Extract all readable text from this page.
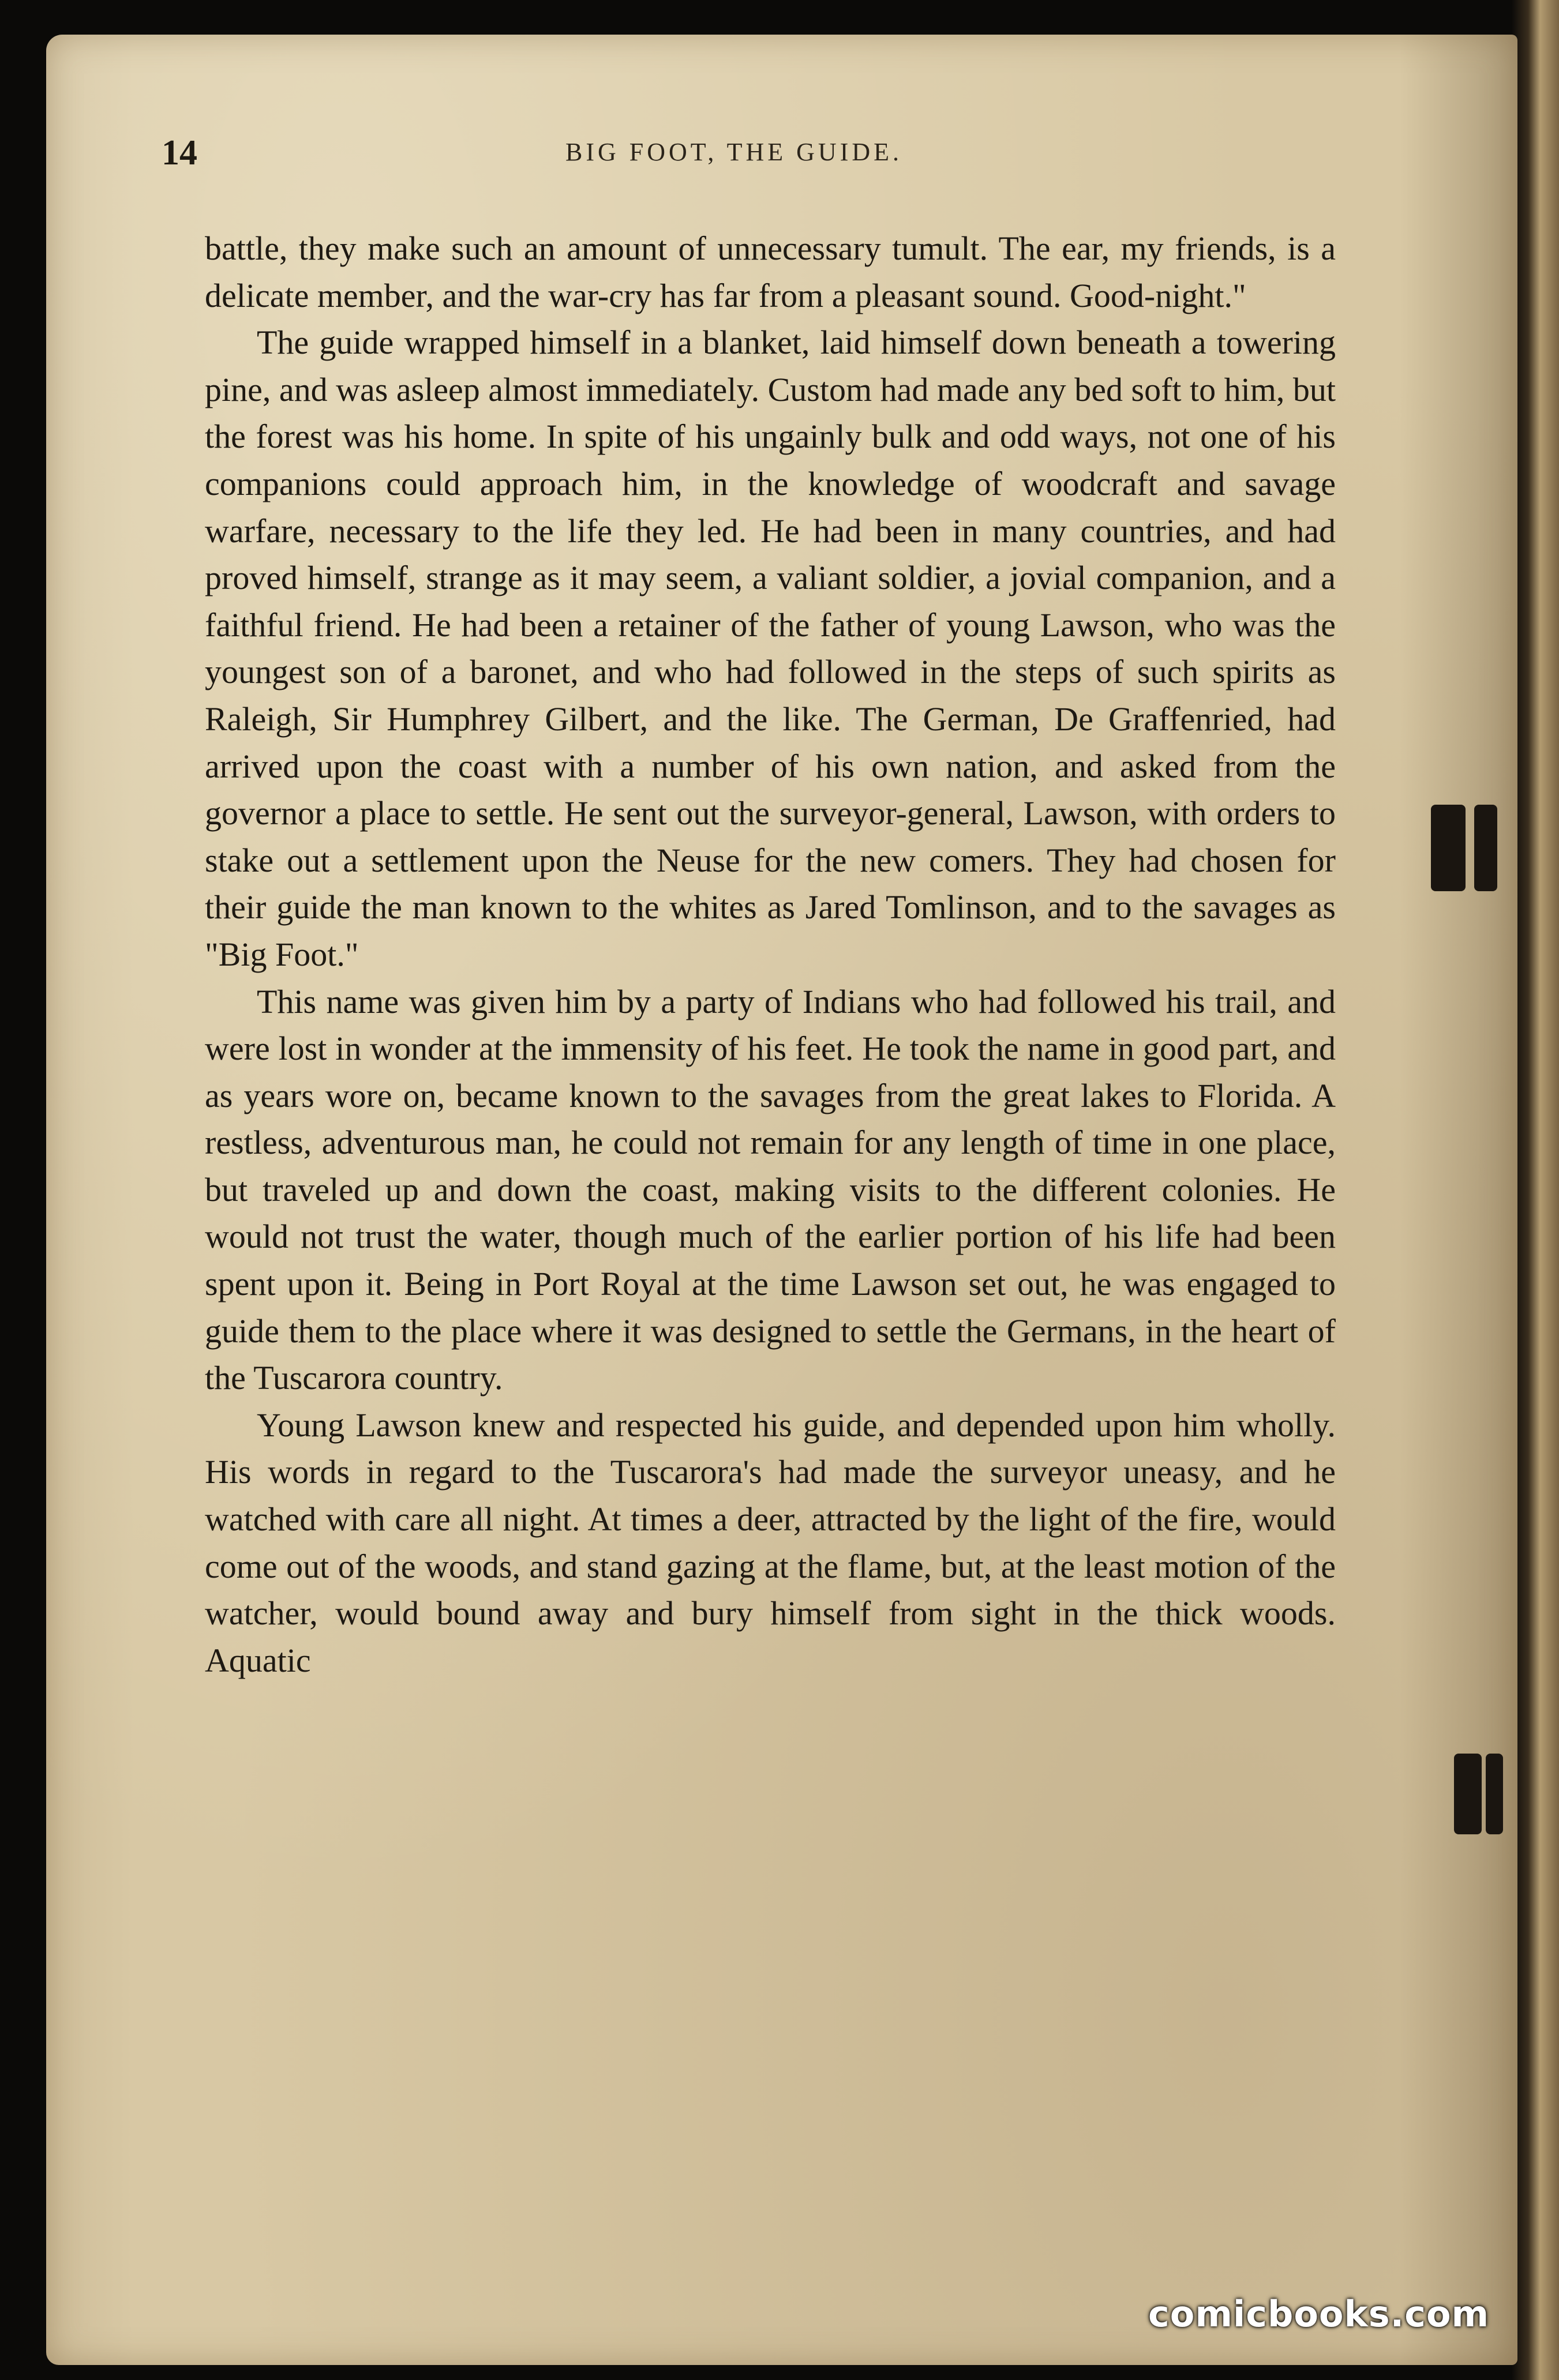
14	BIG FOOT, THE GUIDE.

battle, they make such an amount of unnecessary tumult. The ear, my friends, is a delicate member, and the war-cry has far from a pleasant sound. Good-night."

The guide wrapped himself in a blanket, laid himself down beneath a towering pine, and was asleep almost immediately. Custom had made any bed soft to him, but the forest was his home. In spite of his ungainly bulk and odd ways, not one of his companions could approach him, in the knowledge of woodcraft and savage warfare, necessary to the life they led. He had been in many countries, and had proved himself, strange as it may seem, a valiant soldier, a jovial companion, and a faithful friend. He had been a retainer of the father of young Lawson, who was the youngest son of a baronet, and who had followed in the steps of such spirits as Raleigh, Sir Humphrey Gilbert, and the like. The German, De Graffenried, had arrived upon the coast with a number of his own nation, and asked from the governor a place to settle. He sent out the surveyor-general, Lawson, with orders to stake out a settlement upon the Neuse for the new comers. They had chosen for their guide the man known to the whites as Jared Tomlinson, and to the savages as "Big Foot."

This name was given him by a party of Indians who had followed his trail, and were lost in wonder at the immensity of his feet. He took the name in good part, and as years wore on, became known to the savages from the great lakes to Florida. A restless, adventurous man, he could not remain for any length of time in one place, but traveled up and down the coast, making visits to the different colonies. He would not trust the water, though much of the earlier portion of his life had been spent upon it. Being in Port Royal at the time Lawson set out, he was engaged to guide them to the place where it was designed to settle the Germans, in the heart of the Tuscarora country.

Young Lawson knew and respected his guide, and depended upon him wholly. His words in regard to the Tuscarora's had made the surveyor uneasy, and he watched with care all night. At times a deer, attracted by the light of the fire, would come out of the woods, and stand gazing at the flame, but, at the least motion of the watcher, would bound away and bury himself from sight in the thick woods. Aquatic

comicbooks.com
